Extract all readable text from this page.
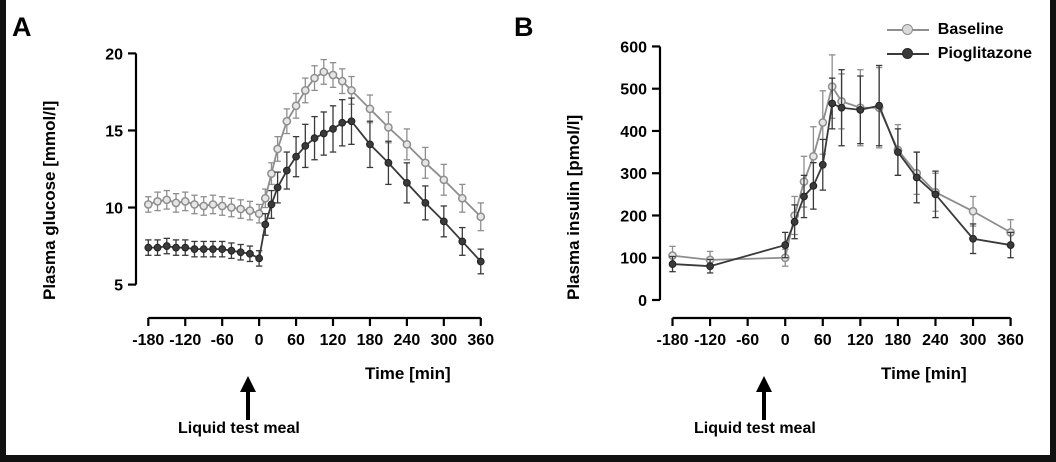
A
Plasma glucose [mmol/l]
Time [min]
Liquid test meal
5
10
15
20
-180 -120 -60 0 60 120 180 240 300 360
B
Plasma insulin [pmol/l]
Time [min]
Liquid test meal
Baseline
Pioglitazone
0
100
200
300
400
500
600
-180 -120 -60 0 60 120 180 240 300 360
